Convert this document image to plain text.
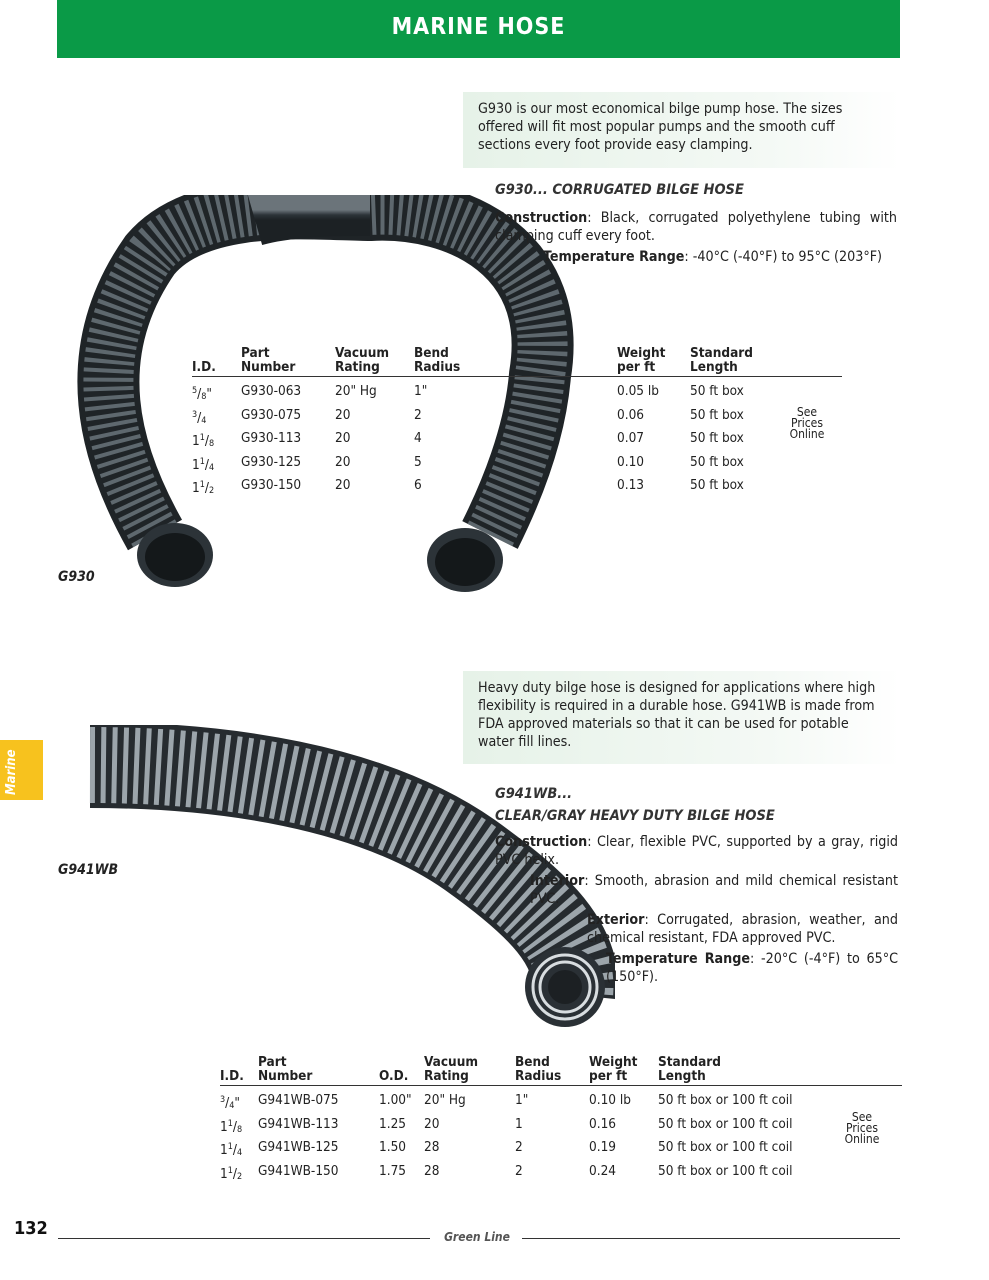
MARINE HOSE
Marine
G930 is our most economical bilge pump hose. The sizes offered will fit most popular pumps and the smooth cuff sections every foot provide easy clamping.
G930... CORRUGATED BILGE HOSE
Construction: Black, corrugated polyethylene tubing with clamping cuff every foot.
Temperature Range: -40°C (-40°F) to 95°C (203°F)

I.D.	Part
Number	Vacuum
Rating	Bend
Radius	Weight
per ft	Standard
Length
$^5/_8$"	G930-063	20" Hg	1"	0.05 lb	50 ft box
$^3/_4$	G930-075	20	2	0.06	50 ft box
$1^1/_8$	G930-113	20	4	0.07	50 ft box
$1^1/_4$	G930-125	20	5	0.10	50 ft box
$1^1/_2$	G930-150	20	6	0.13	50 ft box
See
Prices
Online
G930
Heavy duty bilge hose is designed for applications where high flexibility is required in a durable hose. G941WB is made from FDA approved materials so that it can be used for potable water fill lines.
G941WB...
CLEAR/GRAY HEAVY DUTY BILGE HOSE
Construction: Clear, flexible PVC, supported by a gray, rigid PVC helix.
Interior: Smooth, abrasion and mild chemical resistant PVC.
Exterior: Corrugated, abrasion, weather, and chemical resistant, FDA approved PVC.
Temperature Range: -20°C (-4°F) to 65°C (150°F).
G941WB

I.D.	Part
Number	O.D.	Vacuum
Rating	Bend
Radius	Weight
per ft	Standard
Length
$^3/_4$"	G941WB-075	1.00"	20" Hg	1"	0.10 lb	50 ft box or 100 ft coil
$1^1/_8$	G941WB-113	1.25	20	1	0.16	50 ft box or 100 ft coil
$1^1/_4$	G941WB-125	1.50	28	2	0.19	50 ft box or 100 ft coil
$1^1/_2$	G941WB-150	1.75	28	2	0.24	50 ft box or 100 ft coil
See
Prices
Online
132	Green Line
